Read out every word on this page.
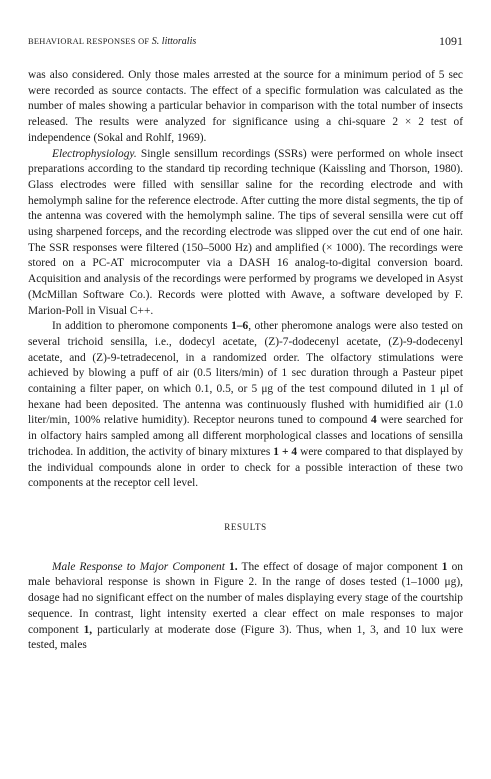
BEHAVIORAL RESPONSES OF S. littoralis	1091

was also considered. Only those males arrested at the source for a minimum period of 5 sec were recorded as source contacts. The effect of a specific formulation was calculated as the number of males showing a particular behavior in comparison with the total number of insects released. The results were analyzed for significance using a chi-square 2 × 2 test of independence (Sokal and Rohlf, 1969).

Electrophysiology. Single sensillum recordings (SSRs) were performed on whole insect preparations according to the standard tip recording technique (Kaissling and Thorson, 1980). Glass electrodes were filled with sensillar saline for the recording electrode and with hemolymph saline for the reference electrode. After cutting the more distal segments, the tip of the antenna was covered with the hemolymph saline. The tips of several sensilla were cut off using sharpened forceps, and the recording electrode was slipped over the cut end of one hair. The SSR responses were filtered (150–5000 Hz) and amplified (× 1000). The recordings were stored on a PC-AT microcomputer via a DASH 16 analog-to-digital conversion board. Acquisition and analysis of the recordings were performed by programs we developed in Asyst (McMillan Software Co.). Records were plotted with Awave, a software developed by F. Marion-Poll in Visual C++.

In addition to pheromone components 1–6, other pheromone analogs were also tested on several trichoid sensilla, i.e., dodecyl acetate, (Z)-7-dodecenyl acetate, (Z)-9-dodecenyl acetate, and (Z)-9-tetradecenol, in a randomized order. The olfactory stimulations were achieved by blowing a puff of air (0.5 liters/min) of 1 sec duration through a Pasteur pipet containing a filter paper, on which 0.1, 0.5, or 5 μg of the test compound diluted in 1 μl of hexane had been deposited. The antenna was continuously flushed with humidified air (1.0 liter/min, 100% relative humidity). Receptor neurons tuned to compound 4 were searched for in olfactory hairs sampled among all different morphological classes and locations of sensilla trichodea. In addition, the activity of binary mixtures 1 + 4 were compared to that displayed by the individual compounds alone in order to check for a possible interaction of these two components at the receptor cell level.

RESULTS

Male Response to Major Component 1. The effect of dosage of major component 1 on male behavioral response is shown in Figure 2. In the range of doses tested (1–1000 μg), dosage had no significant effect on the number of males displaying every stage of the courtship sequence. In contrast, light intensity exerted a clear effect on male responses to major component 1, particularly at moderate dose (Figure 3). Thus, when 1, 3, and 10 lux were tested, males
